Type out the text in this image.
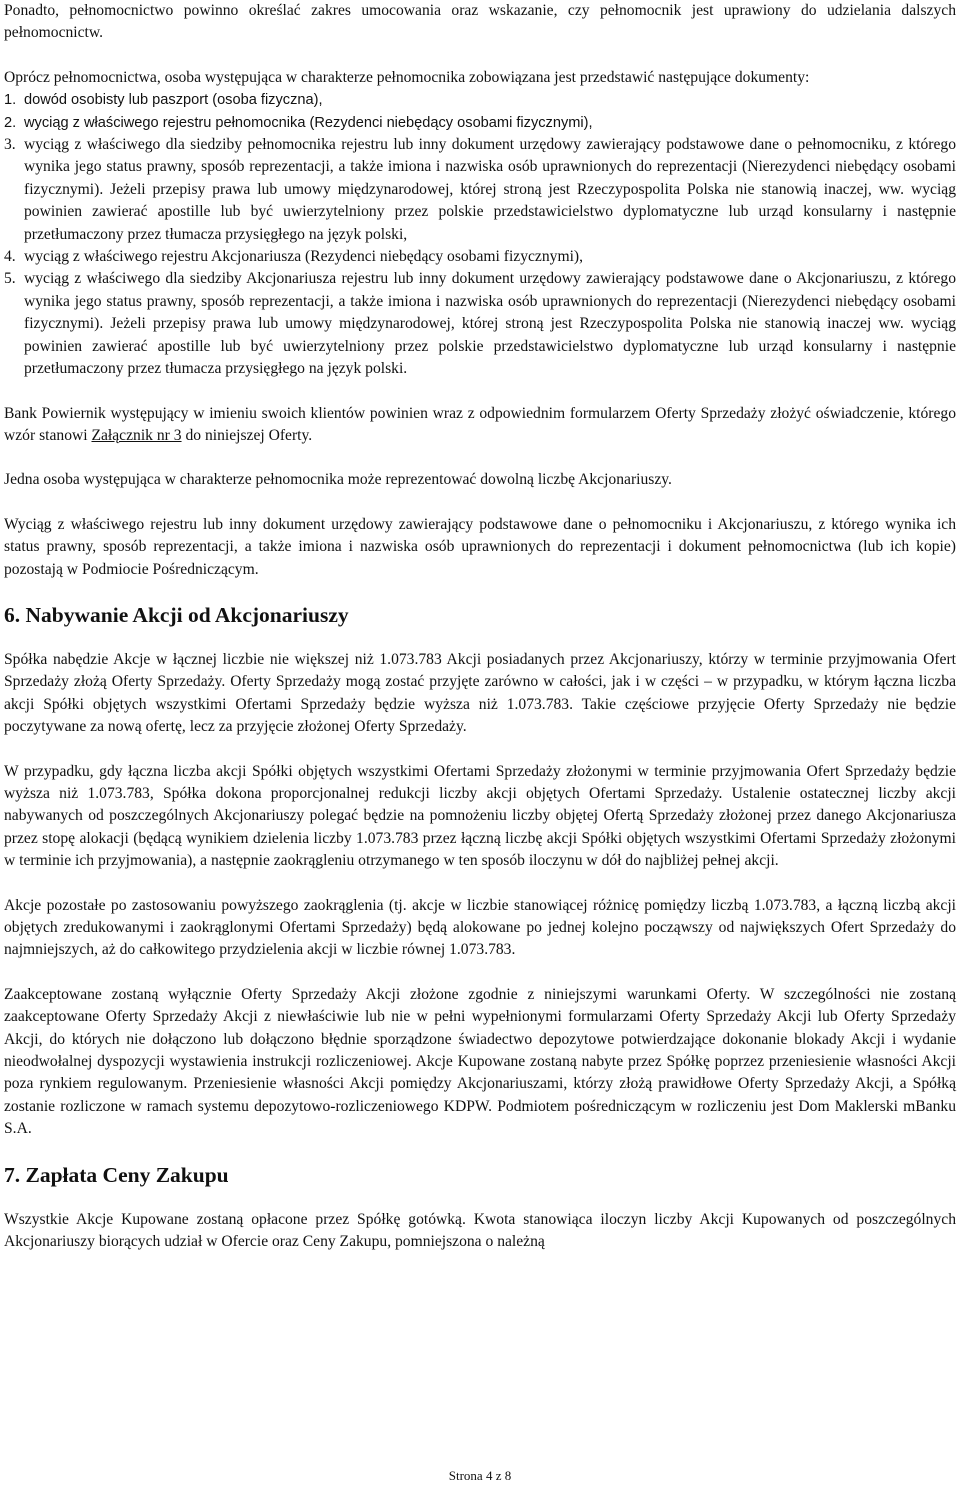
Ponadto, pełnomocnictwo powinno określać zakres umocowania oraz wskazanie, czy pełnomocnik jest uprawiony do udzielania dalszych pełnomocnictw.

Oprócz pełnomocnictwa, osoba występująca w charakterze pełnomocnika zobowiązana jest przedstawić następujące dokumenty:

1. dowód osobisty lub paszport (osoba fizyczna),
2. wyciąg z właściwego rejestru pełnomocnika (Rezydenci niebędący osobami fizycznymi),
3. wyciąg z właściwego dla siedziby pełnomocnika rejestru lub inny dokument urzędowy zawierający podstawowe dane o pełnomocniku, z którego wynika jego status prawny, sposób reprezentacji, a także imiona i nazwiska osób uprawnionych do reprezentacji (Nierezydenci niebędący osobami fizycznymi). Jeżeli przepisy prawa lub umowy międzynarodowej, której stroną jest Rzeczypospolita Polska nie stanowią inaczej, ww. wyciąg powinien zawierać apostille lub być uwierzytelniony przez polskie przedstawicielstwo dyplomatyczne lub urząd konsularny i następnie przetłumaczony przez tłumacza przysięgłego na język polski,
4. wyciąg z właściwego rejestru Akcjonariusza (Rezydenci niebędący osobami fizycznymi),
5. wyciąg z właściwego dla siedziby Akcjonariusza rejestru lub inny dokument urzędowy zawierający podstawowe dane o Akcjonariuszu, z którego wynika jego status prawny, sposób reprezentacji, a także imiona i nazwiska osób uprawnionych do reprezentacji (Nierezydenci niebędący osobami fizycznymi). Jeżeli przepisy prawa lub umowy międzynarodowej, której stroną jest Rzeczypospolita Polska nie stanowią inaczej ww. wyciąg powinien zawierać apostille lub być uwierzytelniony przez polskie przedstawicielstwo dyplomatyczne lub urząd konsularny i następnie przetłumaczony przez tłumacza przysięgłego na język polski.

Bank Powiernik występujący w imieniu swoich klientów powinien wraz z odpowiednim formularzem Oferty Sprzedaży złożyć oświadczenie, którego wzór stanowi Załącznik nr 3 do niniejszej Oferty.

Jedna osoba występująca w charakterze pełnomocnika może reprezentować dowolną liczbę Akcjonariuszy.

Wyciąg z właściwego rejestru lub inny dokument urzędowy zawierający podstawowe dane o pełnomocniku i Akcjonariuszu, z którego wynika ich status prawny, sposób reprezentacji, a także imiona i nazwiska osób uprawnionych do reprezentacji i dokument pełnomocnictwa (lub ich kopie) pozostają w Podmiocie Pośredniczącym.

6. Nabywanie Akcji od Akcjonariuszy

Spółka nabędzie Akcje w łącznej liczbie nie większej niż 1.073.783 Akcji posiadanych przez Akcjonariuszy, którzy w terminie przyjmowania Ofert Sprzedaży złożą Oferty Sprzedaży. Oferty Sprzedaży mogą zostać przyjęte zarówno w całości, jak i w części – w przypadku, w którym łączna liczba akcji Spółki objętych wszystkimi Ofertami Sprzedaży będzie wyższa niż 1.073.783. Takie częściowe przyjęcie Oferty Sprzedaży nie będzie poczytywane za nową ofertę, lecz za przyjęcie złożonej Oferty Sprzedaży.

W przypadku, gdy łączna liczba akcji Spółki objętych wszystkimi Ofertami Sprzedaży złożonymi w terminie przyjmowania Ofert Sprzedaży będzie wyższa niż 1.073.783, Spółka dokona proporcjonalnej redukcji liczby akcji objętych Ofertami Sprzedaży. Ustalenie ostatecznej liczby akcji nabywanych od poszczególnych Akcjonariuszy polegać będzie na pomnożeniu liczby objętej Ofertą Sprzedaży złożonej przez danego Akcjonariusza przez stopę alokacji (będącą wynikiem dzielenia liczby 1.073.783 przez łączną liczbę akcji Spółki objętych wszystkimi Ofertami Sprzedaży złożonymi w terminie ich przyjmowania), a następnie zaokrągleniu otrzymanego w ten sposób iloczynu w dół do najbliżej pełnej akcji.

Akcje pozostałe po zastosowaniu powyższego zaokrąglenia (tj. akcje w liczbie stanowiącej różnicę pomiędzy liczbą 1.073.783, a łączną liczbą akcji objętych zredukowanymi i zaokrąglonymi Ofertami Sprzedaży) będą alokowane po jednej kolejno począwszy od największych Ofert Sprzedaży do najmniejszych, aż do całkowitego przydzielenia akcji w liczbie równej 1.073.783.

Zaakceptowane zostaną wyłącznie Oferty Sprzedaży Akcji złożone zgodnie z niniejszymi warunkami Oferty. W szczególności nie zostaną zaakceptowane Oferty Sprzedaży Akcji z niewłaściwie lub nie w pełni wypełnionymi formularzami Oferty Sprzedaży Akcji lub Oferty Sprzedaży Akcji, do których nie dołączono lub dołączono błędnie sporządzone świadectwo depozytowe potwierdzające dokonanie blokady Akcji i wydanie nieodwołalnej dyspozycji wystawienia instrukcji rozliczeniowej. Akcje Kupowane zostaną nabyte przez Spółkę poprzez przeniesienie własności Akcji poza rynkiem regulowanym. Przeniesienie własności Akcji pomiędzy Akcjonariuszami, którzy złożą prawidłowe Oferty Sprzedaży Akcji, a Spółką zostanie rozliczone w ramach systemu depozytowo-rozliczeniowego KDPW. Podmiotem pośredniczącym w rozliczeniu jest Dom Maklerski mBanku S.A.

7. Zapłata Ceny Zakupu

Wszystkie Akcje Kupowane zostaną opłacone przez Spółkę gotówką. Kwota stanowiąca iloczyn liczby Akcji Kupowanych od poszczególnych Akcjonariuszy biorących udział w Ofercie oraz Ceny Zakupu, pomniejszona o należną

Strona 4 z 8
